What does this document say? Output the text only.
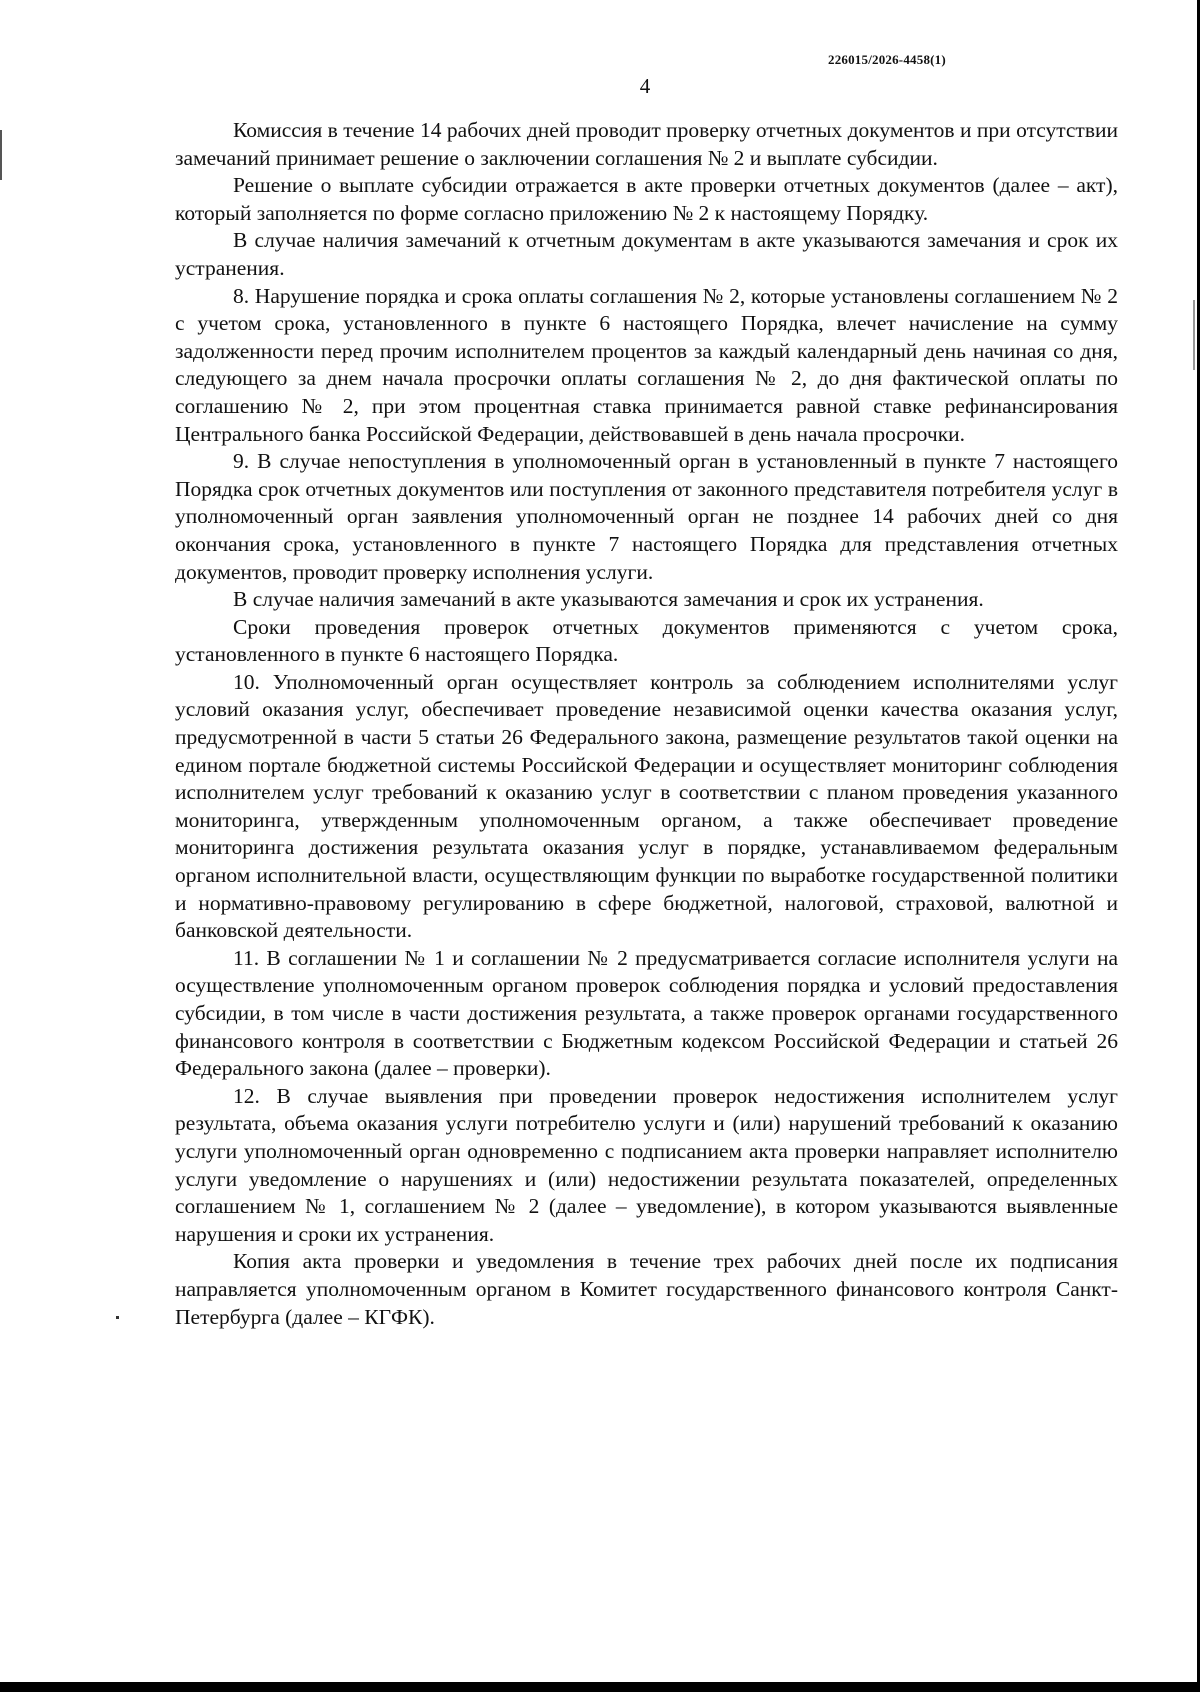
226015/2026-4458(1)
4

Комиссия в течение 14 рабочих дней проводит проверку отчетных документов и при отсутствии замечаний принимает решение о заключении соглашения № 2 и выплате субсидии.

Решение о выплате субсидии отражается в акте проверки отчетных документов (далее – акт), который заполняется по форме согласно приложению № 2 к настоящему Порядку.

В случае наличия замечаний к отчетным документам в акте указываются замечания и срок их устранения.

8. Нарушение порядка и срока оплаты соглашения № 2, которые установлены соглашением № 2 с учетом срока, установленного в пункте 6 настоящего Порядка, влечет начисление на сумму задолженности перед прочим исполнителем процентов за каждый календарный день начиная со дня, следующего за днем начала просрочки оплаты соглашения № 2, до дня фактической оплаты по соглашению № 2, при этом процентная ставка принимается равной ставке рефинансирования Центрального банка Российской Федерации, действовавшей в день начала просрочки.

9. В случае непоступления в уполномоченный орган в установленный в пункте 7 настоящего Порядка срок отчетных документов или поступления от законного представителя потребителя услуг в уполномоченный орган заявления уполномоченный орган не позднее 14 рабочих дней со дня окончания срока, установленного в пункте 7 настоящего Порядка для представления отчетных документов, проводит проверку исполнения услуги.

В случае наличия замечаний в акте указываются замечания и срок их устранения.

Сроки проведения проверок отчетных документов применяются с учетом срока, установленного в пункте 6 настоящего Порядка.

10. Уполномоченный орган осуществляет контроль за соблюдением исполнителями услуг условий оказания услуг, обеспечивает проведение независимой оценки качества оказания услуг, предусмотренной в части 5 статьи 26 Федерального закона, размещение результатов такой оценки на едином портале бюджетной системы Российской Федерации и осуществляет мониторинг соблюдения исполнителем услуг требований к оказанию услуг в соответствии с планом проведения указанного мониторинга, утвержденным уполномоченным органом, а также обеспечивает проведение мониторинга достижения результата оказания услуг в порядке, устанавливаемом федеральным органом исполнительной власти, осуществляющим функции по выработке государственной политики и нормативно-правовому регулированию в сфере бюджетной, налоговой, страховой, валютной и банковской деятельности.

11. В соглашении № 1 и соглашении № 2 предусматривается согласие исполнителя услуги на осуществление уполномоченным органом проверок соблюдения порядка и условий предоставления субсидии, в том числе в части достижения результата, а также проверок органами государственного финансового контроля в соответствии с Бюджетным кодексом Российской Федерации и статьей 26 Федерального закона (далее – проверки).

12. В случае выявления при проведении проверок недостижения исполнителем услуг результата, объема оказания услуги потребителю услуги и (или) нарушений требований к оказанию услуги уполномоченный орган одновременно с подписанием акта проверки направляет исполнителю услуги уведомление о нарушениях и (или) недостижении результата показателей, определенных соглашением № 1, соглашением № 2 (далее – уведомление), в котором указываются выявленные нарушения и сроки их устранения.

Копия акта проверки и уведомления в течение трех рабочих дней после их подписания направляется уполномоченным органом в Комитет государственного финансового контроля Санкт-Петербурга (далее – КГФК).
